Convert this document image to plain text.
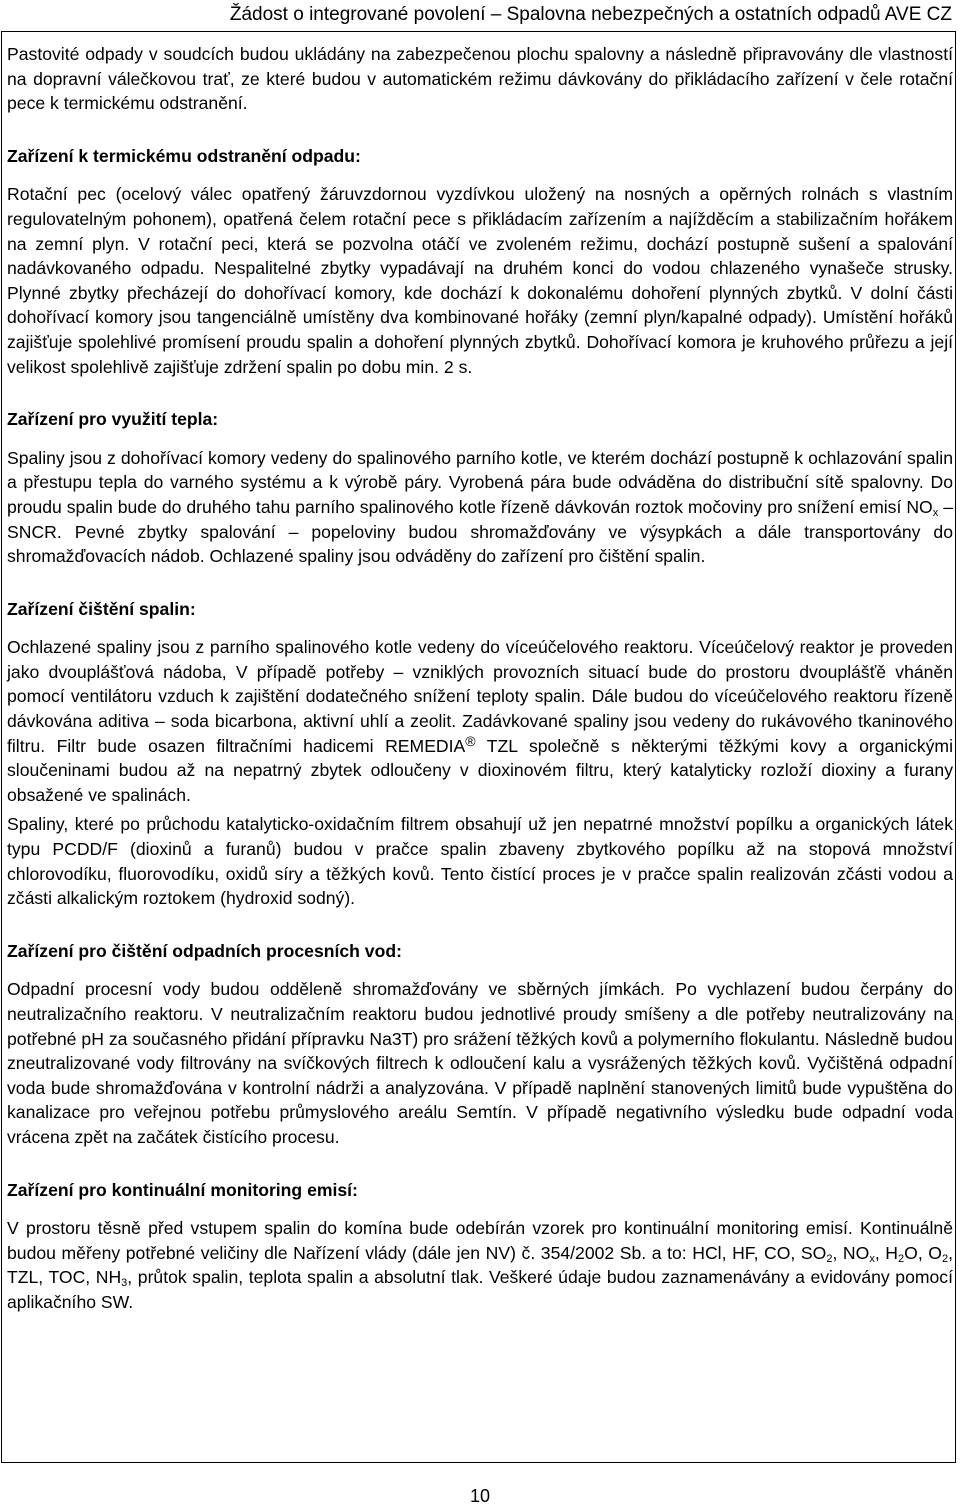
Žádost o integrované povolení – Spalovna nebezpečných a ostatních odpadů AVE CZ

Pastovité odpady v soudcích budou ukládány na zabezpečenou plochu spalovny a následně připravovány dle vlastností na dopravní válečkovou trať, ze které budou v automatickém režimu dávkovány do přikládacího zařízení v čele rotační pece k termickému odstranění.

Zařízení k termickému odstranění odpadu:

Rotační pec (ocelový válec opatřený žáruvzdornou vyzdívkou uložený na nosných a opěrných rolnách s vlastním regulovatelným pohonem), opatřená čelem rotační pece s přikládacím zařízením a najížděcím a stabilizačním hořákem na zemní plyn. V rotační peci, která se pozvolna otáčí ve zvoleném režimu, dochází postupně sušení a spalování nadávkovaného odpadu. Nespalitelné zbytky vypadávají na druhém konci do vodou chlazeného vynašeče strusky. Plynné zbytky přecházejí do dohořívací komory, kde dochází k dokonalému dohoření plynných zbytků. V dolní části dohořívací komory jsou tangenciálně umístěny dva kombinované hořáky (zemní plyn/kapalné odpady). Umístění hořáků zajišťuje spolehlivé promísení proudu spalin a dohoření plynných zbytků. Dohořívací komora je kruhového průřezu a její velikost spolehlivě zajišťuje zdržení spalin po dobu min. 2 s.

Zařízení pro využití tepla:

Spaliny jsou z dohořívací komory vedeny do spalinového parního kotle, ve kterém dochází postupně k ochlazování spalin a přestupu tepla do varného systému a k výrobě páry. Vyrobená pára bude odváděna do distribuční sítě spalovny. Do proudu spalin bude do druhého tahu parního spalinového kotle řízeně dávkován roztok močoviny pro snížení emisí $NO_x$ – SNCR. Pevné zbytky spalování – popeloviny budou shromažďovány ve výsypkách a dále transportovány do shromažďovacích nádob. Ochlazené spaliny jsou odváděny do zařízení pro čištění spalin.

Zařízení čištění spalin:

Ochlazené spaliny jsou z parního spalinového kotle vedeny do víceúčelového reaktoru. Víceúčelový reaktor je proveden jako dvouplášťová nádoba, V případě potřeby – vzniklých provozních situací bude do prostoru dvouplášťě vháněn pomocí ventilátoru vzduch k zajištění dodatečného snížení teploty spalin. Dále budou do víceúčelového reaktoru řízeně dávkována aditiva – soda bicarbona, aktivní uhlí a zeolit. Zadávkované spaliny jsou vedeny do rukávového tkaninového filtru. Filtr bude osazen filtračními hadicemi REMEDIA® TZL společně s některými těžkými kovy a organickými sloučeninami budou až na nepatrný zbytek odloučeny v dioxinovém filtru, který katalyticky rozloží dioxiny a furany obsažené ve spalinách.

Spaliny, které po průchodu katalyticko-oxidačním filtrem obsahují už jen nepatrné množství popílku a organických látek typu PCDD/F (dioxinů a furanů) budou v pračce spalin zbaveny zbytkového popílku až na stopová množství chlorovodíku, fluorovodíku, oxidů síry a těžkých kovů. Tento čistící proces je v pračce spalin realizován zčásti vodou a zčásti alkalickým roztokem (hydroxid sodný).

Zařízení pro čištění odpadních procesních vod:

Odpadní procesní vody budou odděleně shromažďovány ve sběrných jímkách. Po vychlazení budou čerpány do neutralizačního reaktoru. V neutralizačním reaktoru budou jednotlivé proudy smíšeny a dle potřeby neutralizovány na potřebné pH za současného přidání přípravku Na3T) pro srážení těžkých kovů a polymerního flokulantu. Následně budou zneutralizované vody filtrovány na svíčkových filtrech k odloučení kalu a vysrážených těžkých kovů. Vyčištěná odpadní voda bude shromažďována v kontrolní nádrži a analyzována. V případě naplnění stanovených limitů bude vypuštěna do kanalizace pro veřejnou potřebu průmyslového areálu Semtín. V případě negativního výsledku bude odpadní voda vrácena zpět na začátek čistícího procesu.

Zařízení pro kontinuální monitoring emisí:

V prostoru těsně před vstupem spalin do komína bude odebírán vzorek pro kontinuální monitoring emisí. Kontinuálně budou měřeny potřebné veličiny dle Nařízení vlády (dále jen NV) č. 354/2002 Sb. a to: HCl, HF, CO, $SO_2$, $NO_x$, $H_2O$, $O_2$, TZL, TOC, $NH_3$, průtok spalin, teplota spalin a absolutní tlak. Veškeré údaje budou zaznamenávány a evidovány pomocí aplikačního SW.

10
